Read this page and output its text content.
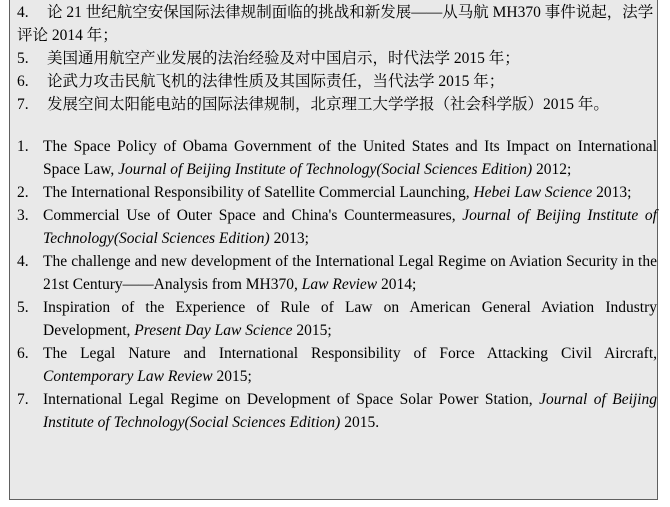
4. 论 21 世纪航空安保国际法律规制面临的挑战和新发展——从马航 MH370 事件说起，法学评论 2014 年；

5. 美国通用航空产业发展的法治经验及对中国启示，时代法学 2015 年；

6. 论武力攻击民航飞机的法律性质及其国际责任，当代法学 2015 年；

7. 发展空间太阳能电站的国际法律规制，北京理工大学学报（社会科学版）2015 年。

1. The Space Policy of Obama Government of the United States and Its Impact on International Space Law, Journal of Beijing Institute of Technology(Social Sciences Edition) 2012;

2. The International Responsibility of Satellite Commercial Launching, Hebei Law Science 2013;

3. Commercial Use of Outer Space and China's Countermeasures, Journal of Beijing Institute of Technology(Social Sciences Edition) 2013;

4. The challenge and new development of the International Legal Regime on Aviation Security in the 21st Century——Analysis from MH370, Law Review 2014;

5. Inspiration of the Experience of Rule of Law on American General Aviation Industry Development, Present Day Law Science 2015;

6. The Legal Nature and International Responsibility of Force Attacking Civil Aircraft, Contemporary Law Review 2015;

7. International Legal Regime on Development of Space Solar Power Station, Journal of Beijing Institute of Technology(Social Sciences Edition) 2015.
